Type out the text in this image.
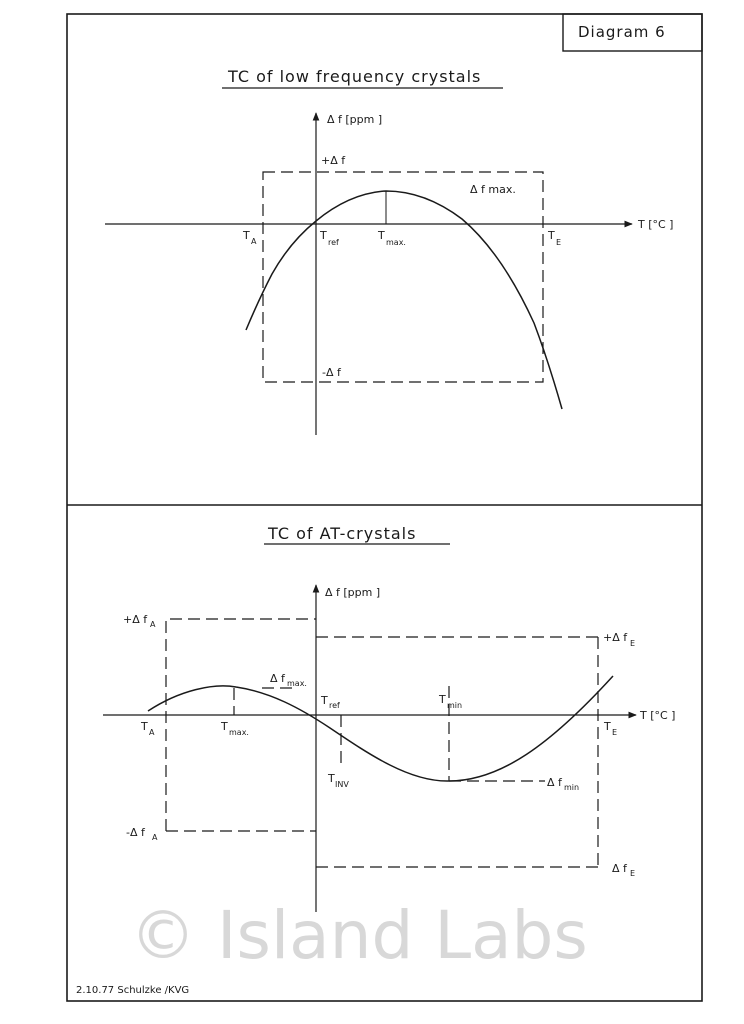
Diagram 6
TC of low frequency crystals
Δ f [ppm ]
T [°C ]
+Δ f
-Δ f
Δ f max.
T A	T
ref
T
max.
T
E
TC of AT-crystals
Δ f [ppm ]
T [°C ]
+Δ f A
-Δ f A
+Δ f E
Δ f E
Δ f max.
Δ f min
T A	T max.
T ref
T INV
T min
T E
© Island Labs
2.10.77 Schulzke /KVG
